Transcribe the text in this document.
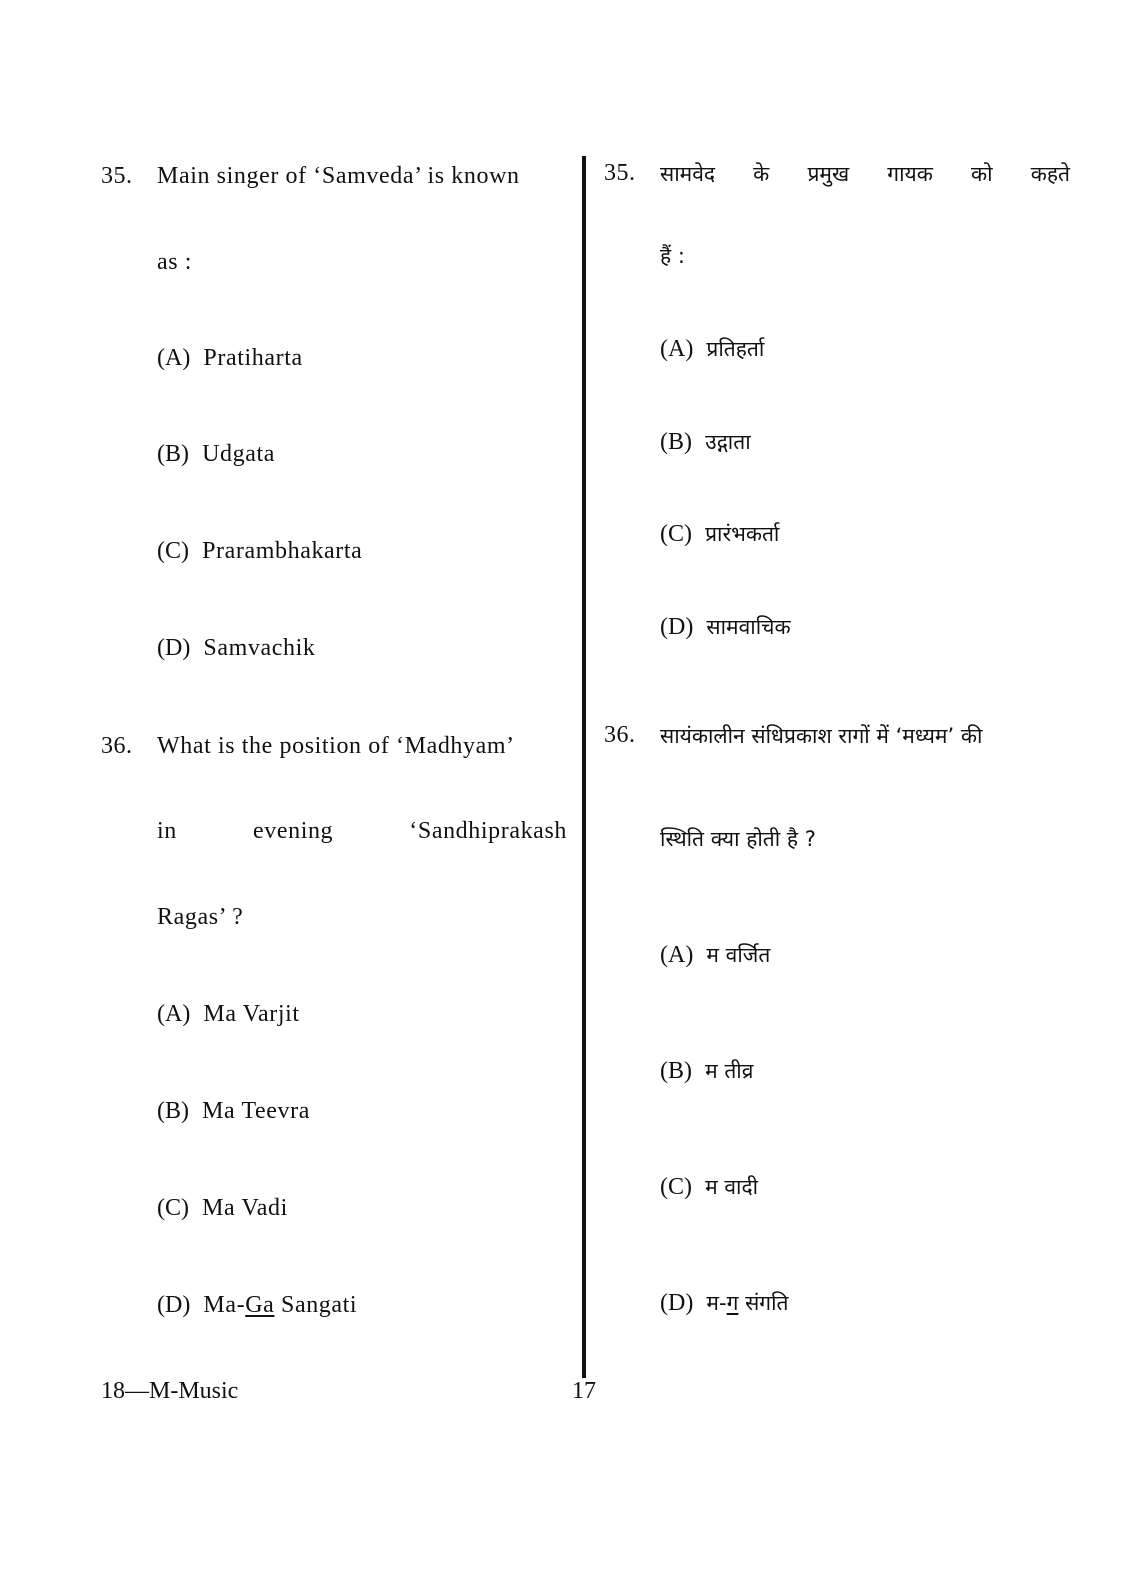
35. Main singer of ‘Samveda’ is known
as :
(A) Pratiharta
(B) Udgata
(C) Prarambhakarta
(D) Samvachik
36. What is the position of ‘Madhyam’
in	evening	‘Sandhiprakash
Ragas’ ?
(A) Ma Varjit
(B) Ma Teevra
(C) Ma Vadi
(D) Ma-Ga Sangati
35. सामवेद के प्रमुख गायक को कहते
हैं :
(A) प्रतिहर्ता
(B) उद्गाता
(C) प्रारंभकर्ता
(D) सामवाचिक
36. सायंकालीन संधिप्रकाश रागों में ‘मध्यम’ की
स्थिति क्या होती है ?
(A) म वर्जित
(B) म तीव्र
(C) म वादी
(D) म-ग संगति
18—M-Music	17
